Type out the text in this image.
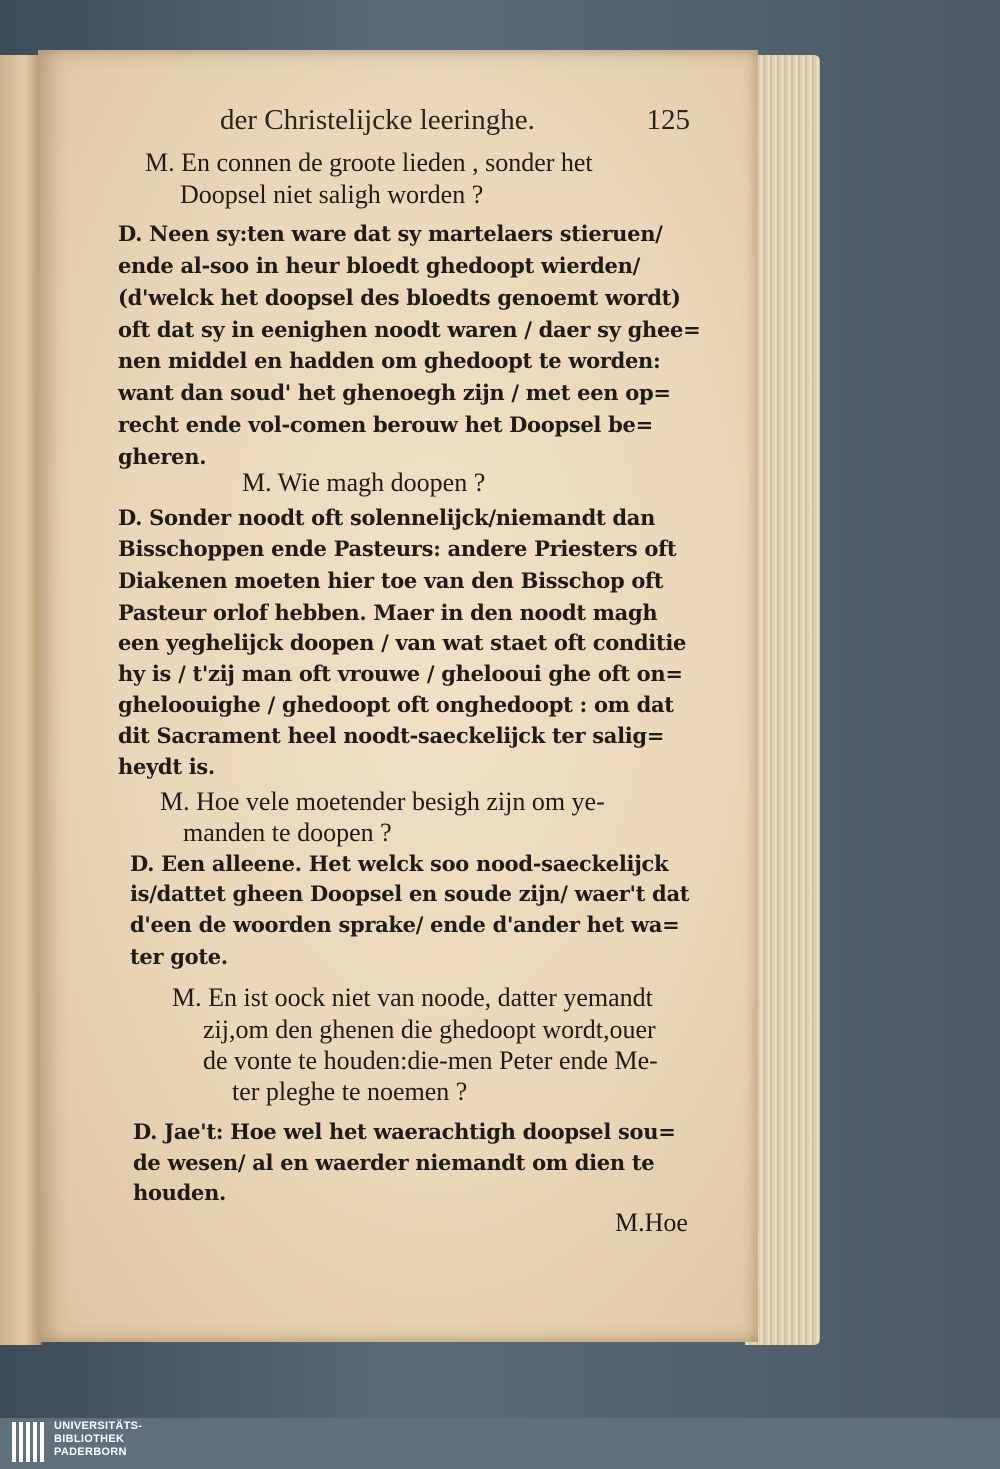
der Christelijcke leeringhe.	125
M. En connen de groote lieden , sonder het
Doopsel niet saligh worden ?
D. Neen sy:ten ware dat sy martelaers stieruen/
ende al-soo in heur bloedt ghedoopt wierden/
(d'welck het doopsel des bloedts genoemt wordt)
oft dat sy in eenighen noodt waren / daer sy ghee=
nen middel en hadden om ghedoopt te worden:
want dan soud' het ghenoegh zijn / met een op=
recht ende vol-comen berouw het Doopsel be=
gheren.
M. Wie magh doopen ?
D. Sonder noodt oft solennelijck/niemandt dan
Bisschoppen ende Pasteurs: andere Priesters oft
Diakenen moeten hier toe van den Bisschop oft
Pasteur orlof hebben. Maer in den noodt magh
een yeghelijck doopen / van wat staet oft conditie
hy is / t'zij man oft vrouwe / ghelooui ghe oft on=
gheloouighe / ghedoopt oft onghedoopt : om dat
dit Sacrament heel noodt-saeckelijck ter salig=
heydt is.
M. Hoe vele moetender besigh zijn om ye-
manden te doopen ?
D. Een alleene. Het welck soo nood-saeckelijck
is/dattet gheen Doopsel en soude zijn/ waer't dat
d'een de woorden sprake/ ende d'ander het wa=
ter gote.
M. En ist oock niet van noode, datter yemandt
zij,om den ghenen die ghedoopt wordt,ouer
de vonte te houden:die-men Peter ende Me-
ter pleghe te noemen ?
D. Jae't: Hoe wel het waerachtigh doopsel sou=
de wesen/ al en waerder niemandt om dien te
houden.
M.Hoe
UNIVERSITÄTS-
BIBLIOTHEK
PADERBORN
